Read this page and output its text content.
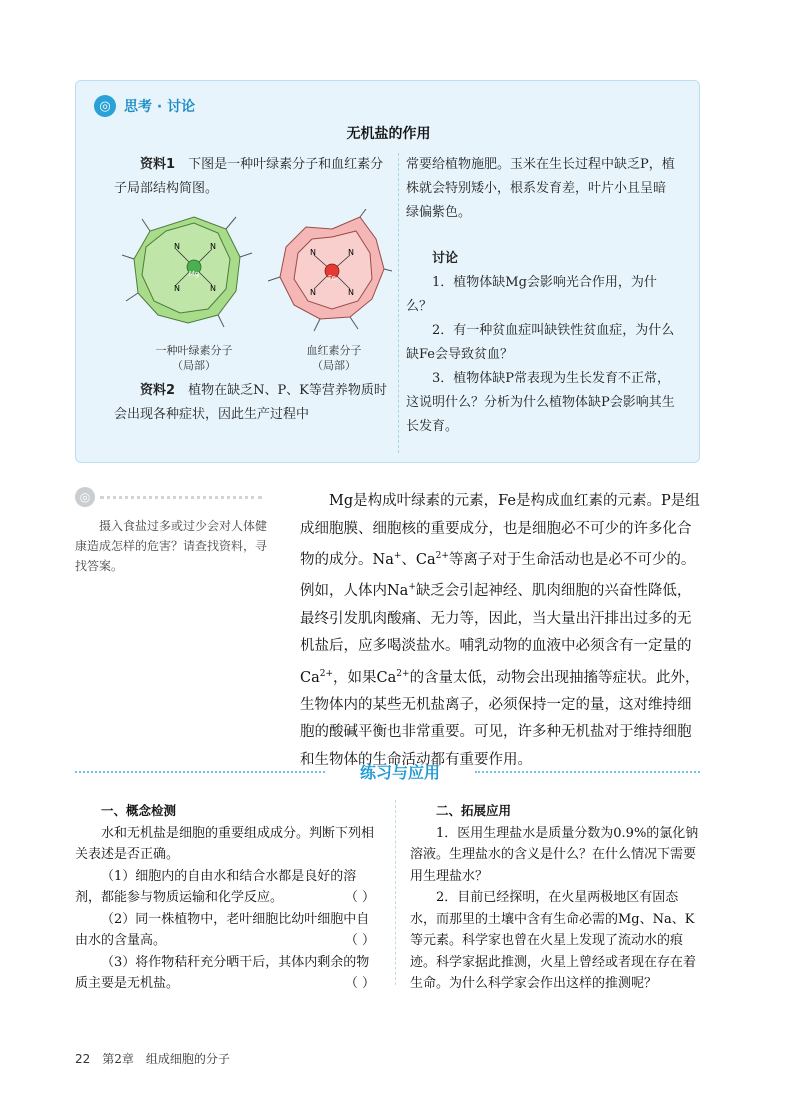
◎ 思考 · 讨论
无机盐的作用

资料1　 下图是一种叶绿素分子和血红素分子局部结构简图。

N	N
N	N
N	N
N	N
Mg	Fe
一种叶绿素分子
（局部）
血红素分子
（局部）

资料2　 植物在缺乏N、P、K等营养物质时会出现各种症状，因此生产过程中

常要给植物施肥。玉米在生长过程中缺乏P，植株就会特别矮小，根系发育差，叶片小且呈暗绿偏紫色。

讨论

1．植物体缺Mg会影响光合作用，为什么？

2．有一种贫血症叫缺铁性贫血症，为什么缺Fe会导致贫血？

3．植物体缺P常表现为生长发育不正常，这说明什么？分析为什么植物体缺P会影响其生长发育。

◎
摄入食盐过多或过少会对人体健康造成怎样的危害？请查找资料，寻找答案。

Mg是构成叶绿素的元素，Fe是构成血红素的元素。P是组成细胞膜、细胞核的重要成分，也是细胞必不可少的许多化合物的成分。Na+、$Ca^{2+}$等离子对于生命活动也是必不可少的。例如，人体内Na+缺乏会引起神经、肌肉细胞的兴奋性降低，最终引发肌肉酸痛、无力等，因此，当大量出汗排出过多的无机盐后，应多喝淡盐水。哺乳动物的血液中必须含有一定量的$Ca^{2+}$，如果$Ca^{2+}$的含量太低，动物会出现抽搐等症状。此外，生物体内的某些无机盐离子，必须保持一定的量，这对维持细胞的酸碱平衡也非常重要。可见，许多种无机盐对于维持细胞和生物体的生命活动都有重要作用。

练习与应用

一、概念检测

水和无机盐是细胞的重要组成成分。判断下列相关表述是否正确。

（1）细胞内的自由水和结合水都是良好的溶剂，都能参与物质运输和化学反应。	（ ）

（2）同一株植物中，老叶细胞比幼叶细胞中自由水的含量高。	（ ）

（3）将作物秸秆充分晒干后，其体内剩余的物质主要是无机盐。	（ ）

二、拓展应用

1．医用生理盐水是质量分数为0.9%的氯化钠溶液。生理盐水的含义是什么？在什么情况下需要用生理盐水？

2．目前已经探明，在火星两极地区有固态水，而那里的土壤中含有生命必需的Mg、Na、K等元素。科学家也曾在火星上发现了流动水的痕迹。科学家据此推测，火星上曾经或者现在存在着生命。为什么科学家会作出这样的推测呢？

22 第2章　组成细胞的分子
